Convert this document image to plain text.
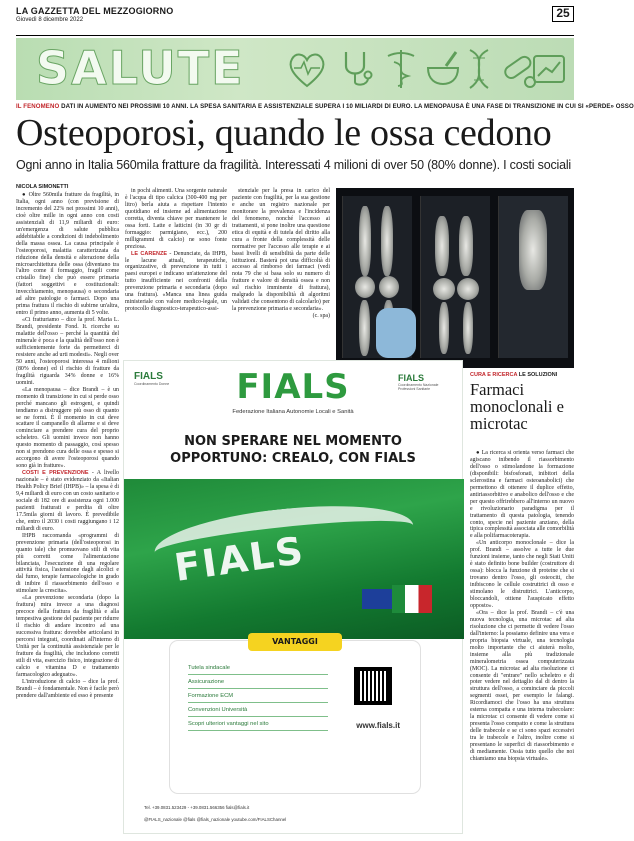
LA GAZZETTA DEL MEZZOGIORNO
Giovedì 8 dicembre 2022	25
SALUTE
IL FENOMENO DATI IN AUMENTO NEI PROSSIMI 10 ANNI. LA SPESA SANITARIA E ASSISTENZIALE SUPERA I 10 MILIARDI DI EURO. LA MENOPAUSA È UNA FASE DI TRANSIZIONE IN CUI SI «PERDE» OSSO
Osteoporosi, quando le ossa cedono
Ogni anno in Italia 560mila fratture da fragilità. Interessati 4 milioni di over 50 (80% donne). I costi sociali
NICOLA SIMONETTI

● Oltre 560mila fratture da fragilità, in Italia, ogni anno (con previsione di incremento del 22% nei prossimi 10 anni), cioè oltre mille in ogni anno con costi assistenziali di 11,9 miliardi di euro: un'emergenza di salute pubblica addebitabile a condizioni di indebolimento della massa ossea. La causa principale è l'osteoporosi, malattia caratterizzata da riduzione della densità e alterazione della microarchitettura delle ossa (diventano tra l'altro come il formaggio, fragili come cristallo fine) che può essere primaria (fattori soggettivi e costituzionali: invecchiamento, menopausa) o secondaria ad altre patologie o farmaci. Dopo una prima frattura il rischio di subirne un'altra, entro il primo anno, aumenta di 5 volte.

«Ci fratturiamo – dice la prof. Maria L. Brandi, presidente Fond. It. ricerche su malattie dell'osso – perché la quantità del minerale è poca e la qualità dell'osso non è sufficientemente forte da permetterci di resistere anche ad urti modesti». Negli over 50 anni, l'osteoporosi interessa 4 milioni (80% donne) ed il rischio di fratture da fragilità riguarda 34% donne e 16% uomini.

«La menopausa – dice Brandi – è un momento di transizione in cui si perde osso perché mancano gli estrogeni, e quindi tendiamo a distruggere più osso di quanto se ne formi. È il momento in cui deve scattare il campanello di allarme e si deve cominciare a prendere cura del proprio scheletro. Gli uomini invece non hanno questo momento di passaggio, così spesso non si prendono cura delle ossa e spesso si accorgono di avere l'osteoporosi quando sono già in fratture».

COSTI E PREVENZIONE - A livello nazionale – è stato evidenziato da «Italian Health Policy Brief (IHPB)» – la spesa è di 9,4 miliardi di euro con un costo sanitario e sociale di 182 ore di assistenza ogni 1.000 pazienti fratturati e perdita di oltre 17.5mila giorni di lavoro. È prevedibile che, entro il 2030 i costi raggiungano i 12 miliardi di euro.

IHPB raccomanda «programmi di prevenzione primaria (dell'osteoporosi in quanto tale) che promuovano stili di vita più corretti come l'alimentazione bilanciata, l'esecuzione di una regolare attività fisica, l'astensione dagli alcolici e dal fumo, terapie farmacologiche in grado di inibire il riassorbimento dell'osso e stimolare la crescita».

«La prevenzione secondaria (dopo la frattura) mira invece a una diagnosi precoce della frattura da fragilità e alla tempestiva gestione del paziente per ridurre il rischio di andare incontro ad una successiva frattura: dovrebbe articolarsi in percorsi integrati, coordinati all'interno di Unità per la continuità assistenziale per le fratture da fragilità, che includono corretti stili di vita, esercizio fisico, integrazione di calcio e vitamina D e trattamento farmacologico adeguato».

L'introduzione di calcio – dice la prof. Brandi – è fondamentale. Non è facile però prendere dall'ambiente ed esso è presente

in pochi alimenti. Una sorgente naturale è l'acqua di tipo calcica (300-400 mg per litro) berla aiuta a rispettare l'intento quotidiano ed insieme ad alimentazione corretta, diventa chiave per mantenere le ossa forti. Latte e latticini (in 30 gr di formaggio: parmigiano, ecc.), 200 milligrammi di calcio) ne sono fonte preziosa.

LE CARENZE - Denunciate, da IHPB, le lacune attuali, terapeutiche, organizzative, di prevenzione in tutti i paesi europei e indicano un'attenzione del tutto insufficiente nei confronti della prevenzione primaria e secondaria (dopo una frattura). «Manca una linea guida ministeriale con valore medico-legale, un protocollo diagnostico-terapeutico-assi-

stenziale per la presa in carico del paziente con fragilità, per la sua gestione e anche un registro nazionale per monitorare la prevalenza e l'incidenza del fenomeno, nonché l'accesso ai trattamenti, si pone inoltre una questione etica di equità e di tutela del diritto alla cura a fronte della complessità delle normative per l'accesso alle terapie e ai bassi livelli di sensibilità da parte delle istituzioni. Basterà poi una difficoltà di accesso al rimborso dei farmaci (vedi nota 79 che si basa solo su numero di fratture e valore di densità ossea e non sul rischio imminente di frattura), malgrado la disponibilità di algoritmi validati che consentono di calcolarlo) per la prevenzione primaria e secondaria».

(c. spa)

CURA E RICERCA LE SOLUZIONI
Farmaci monoclonali e microtac

● La ricerca si orienta verso farmaci che agiscano inibendo il riassorbimento dell'osso o stimolandone la formazione (disponibili: bisfosfonati, inibitori della sclerostina e farmaci osteoanabolici) che permettono di ottenere il duplice effetto, antiriassorbitivo e anabolico dell'osso e che per questo offrirebbero all'interno un nuovo e rivoluzionario paradigma per il trattamento di questa patologia, tenendo conto, specie nel paziente anziano, della tipica complessità associata alle comorbilità e alla polifarmacoterapia.

«Un anticorpo monoclonale – dice la prof. Brandi – assolve a tutte le due funzioni insieme, tanto che negli Stati Uniti è stato definito bone builder (costruttore di ossa): blocca la funzione di proteine che si trovano dentro l'osso, gli osteociti, che inibiscono le cellule costruttrici di osso e stimolano le distruttrici. L'anticorpo, bloccandoli, ottiene l'auspicato effetto opposto».

«Ora – dice la prof. Brandi – c'è una nuova tecnologia, una microtac ad alta risoluzione che ci permette di vedere l'osso dall'interno: la possiamo definire una vera e propria biopsia virtuale, una tecnologia molto importante che ci aiuterà molto, insieme alla più tradizionale mineralometria ossea computerizzata (MOC). La microtac ad alta risoluzione ci consente di "entrare" nello scheletro e di poter vedere nel dettaglio dal di dentro la struttura dell'osso, a cominciare da piccoli segmenti ossei, per esempio le falangi. Ricordiamoci che l'osso ha una struttura esterna compatta e una interna trabecolare: la microtac ci consente di vedere come si presenta l'osso compatto e come la struttura delle trabecole e se ci sono spazi eccessivi tra le trabecole e l'altro, inoltre come si presentano le superfici di riassorbimento e di mediamente. Ossia tutto quello che noi chiamiamo una biopsia virtuale».

FIALS
Coordinamento Donne
FIALS
Coordinamento Nazionale Professioni Sanitarie
FIALS
Federazione Italiana Autonomie Locali e Sanità
NON SPERARE NEL MOMENTO
OPPORTUNO: CREALO, CON FIALS
FIALS
VANTAGGI
Tutela sindacale
Assicurazione
Formazione ECM
Convenzioni Università
Scopri ulteriori vantaggi nel sito	www.fials.it
Tel. +39.0831.523429 - +39.0831.566356 fials@fials.it
@FIALS_nazionale @fials @fials_nazionale youtube.com/FIALSChannel
